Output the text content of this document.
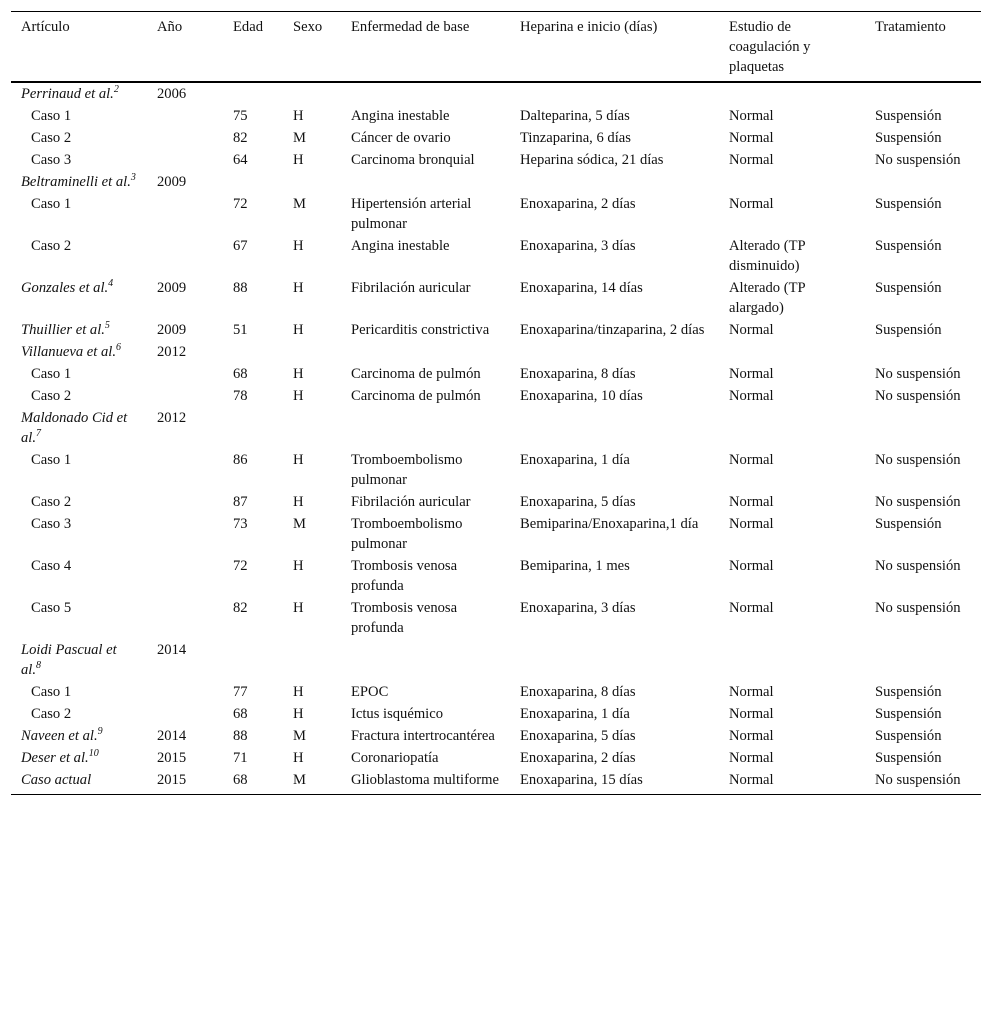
Artículo	Año	Edad	Sexo	Enfermedad de base	Heparina e inicio (días)	Estudio de coagulación y plaquetas	Tratamiento
Perrinaud et al.$^2$	2006						
Caso 1		75	H	Angina inestable	Dalteparina, 5 días	Normal	Suspensión
Caso 2		82	M	Cáncer de ovario	Tinzaparina, 6 días	Normal	Suspensión
Caso 3		64	H	Carcinoma bronquial	Heparina sódica, 21 días	Normal	No suspensión
Beltraminelli et al.$^3$	2009						
Caso 1		72	M	Hipertensión arterial pulmonar	Enoxaparina, 2 días	Normal	Suspensión
Caso 2		67	H	Angina inestable	Enoxaparina, 3 días	Alterado (TP disminuido)	Suspensión
Gonzales et al.$^4$	2009	88	H	Fibrilación auricular	Enoxaparina, 14 días	Alterado (TP alargado)	Suspensión
Thuillier et al.$^5$	2009	51	H	Pericarditis constrictiva	Enoxaparina/tinzaparina, 2 días	Normal	Suspensión
Villanueva et al.$^6$	2012						
Caso 1		68	H	Carcinoma de pulmón	Enoxaparina, 8 días	Normal	No suspensión
Caso 2		78	H	Carcinoma de pulmón	Enoxaparina, 10 días	Normal	No suspensión
Maldonado Cid et al.$^7$	2012						
Caso 1		86	H	Tromboembolismo pulmonar	Enoxaparina, 1 día	Normal	No suspensión
Caso 2		87	H	Fibrilación auricular	Enoxaparina, 5 días	Normal	No suspensión
Caso 3		73	M	Tromboembolismo pulmonar	Bemiparina/Enoxaparina,1 día	Normal	Suspensión
Caso 4		72	H	Trombosis venosa profunda	Bemiparina, 1 mes	Normal	No suspensión
Caso 5		82	H	Trombosis venosa profunda	Enoxaparina, 3 días	Normal	No suspensión
Loidi Pascual et al.$^8$	2014						
Caso 1		77	H	EPOC	Enoxaparina, 8 días	Normal	Suspensión
Caso 2		68	H	Ictus isquémico	Enoxaparina, 1 día	Normal	Suspensión
Naveen et al.$^9$	2014	88	M	Fractura intertrocantérea	Enoxaparina, 5 días	Normal	Suspensión
Deser et al.$^{10}$	2015	71	H	Coronariopatía	Enoxaparina, 2 días	Normal	Suspensión
Caso actual	2015	68	M	Glioblastoma multiforme	Enoxaparina, 15 días	Normal	No suspensión
